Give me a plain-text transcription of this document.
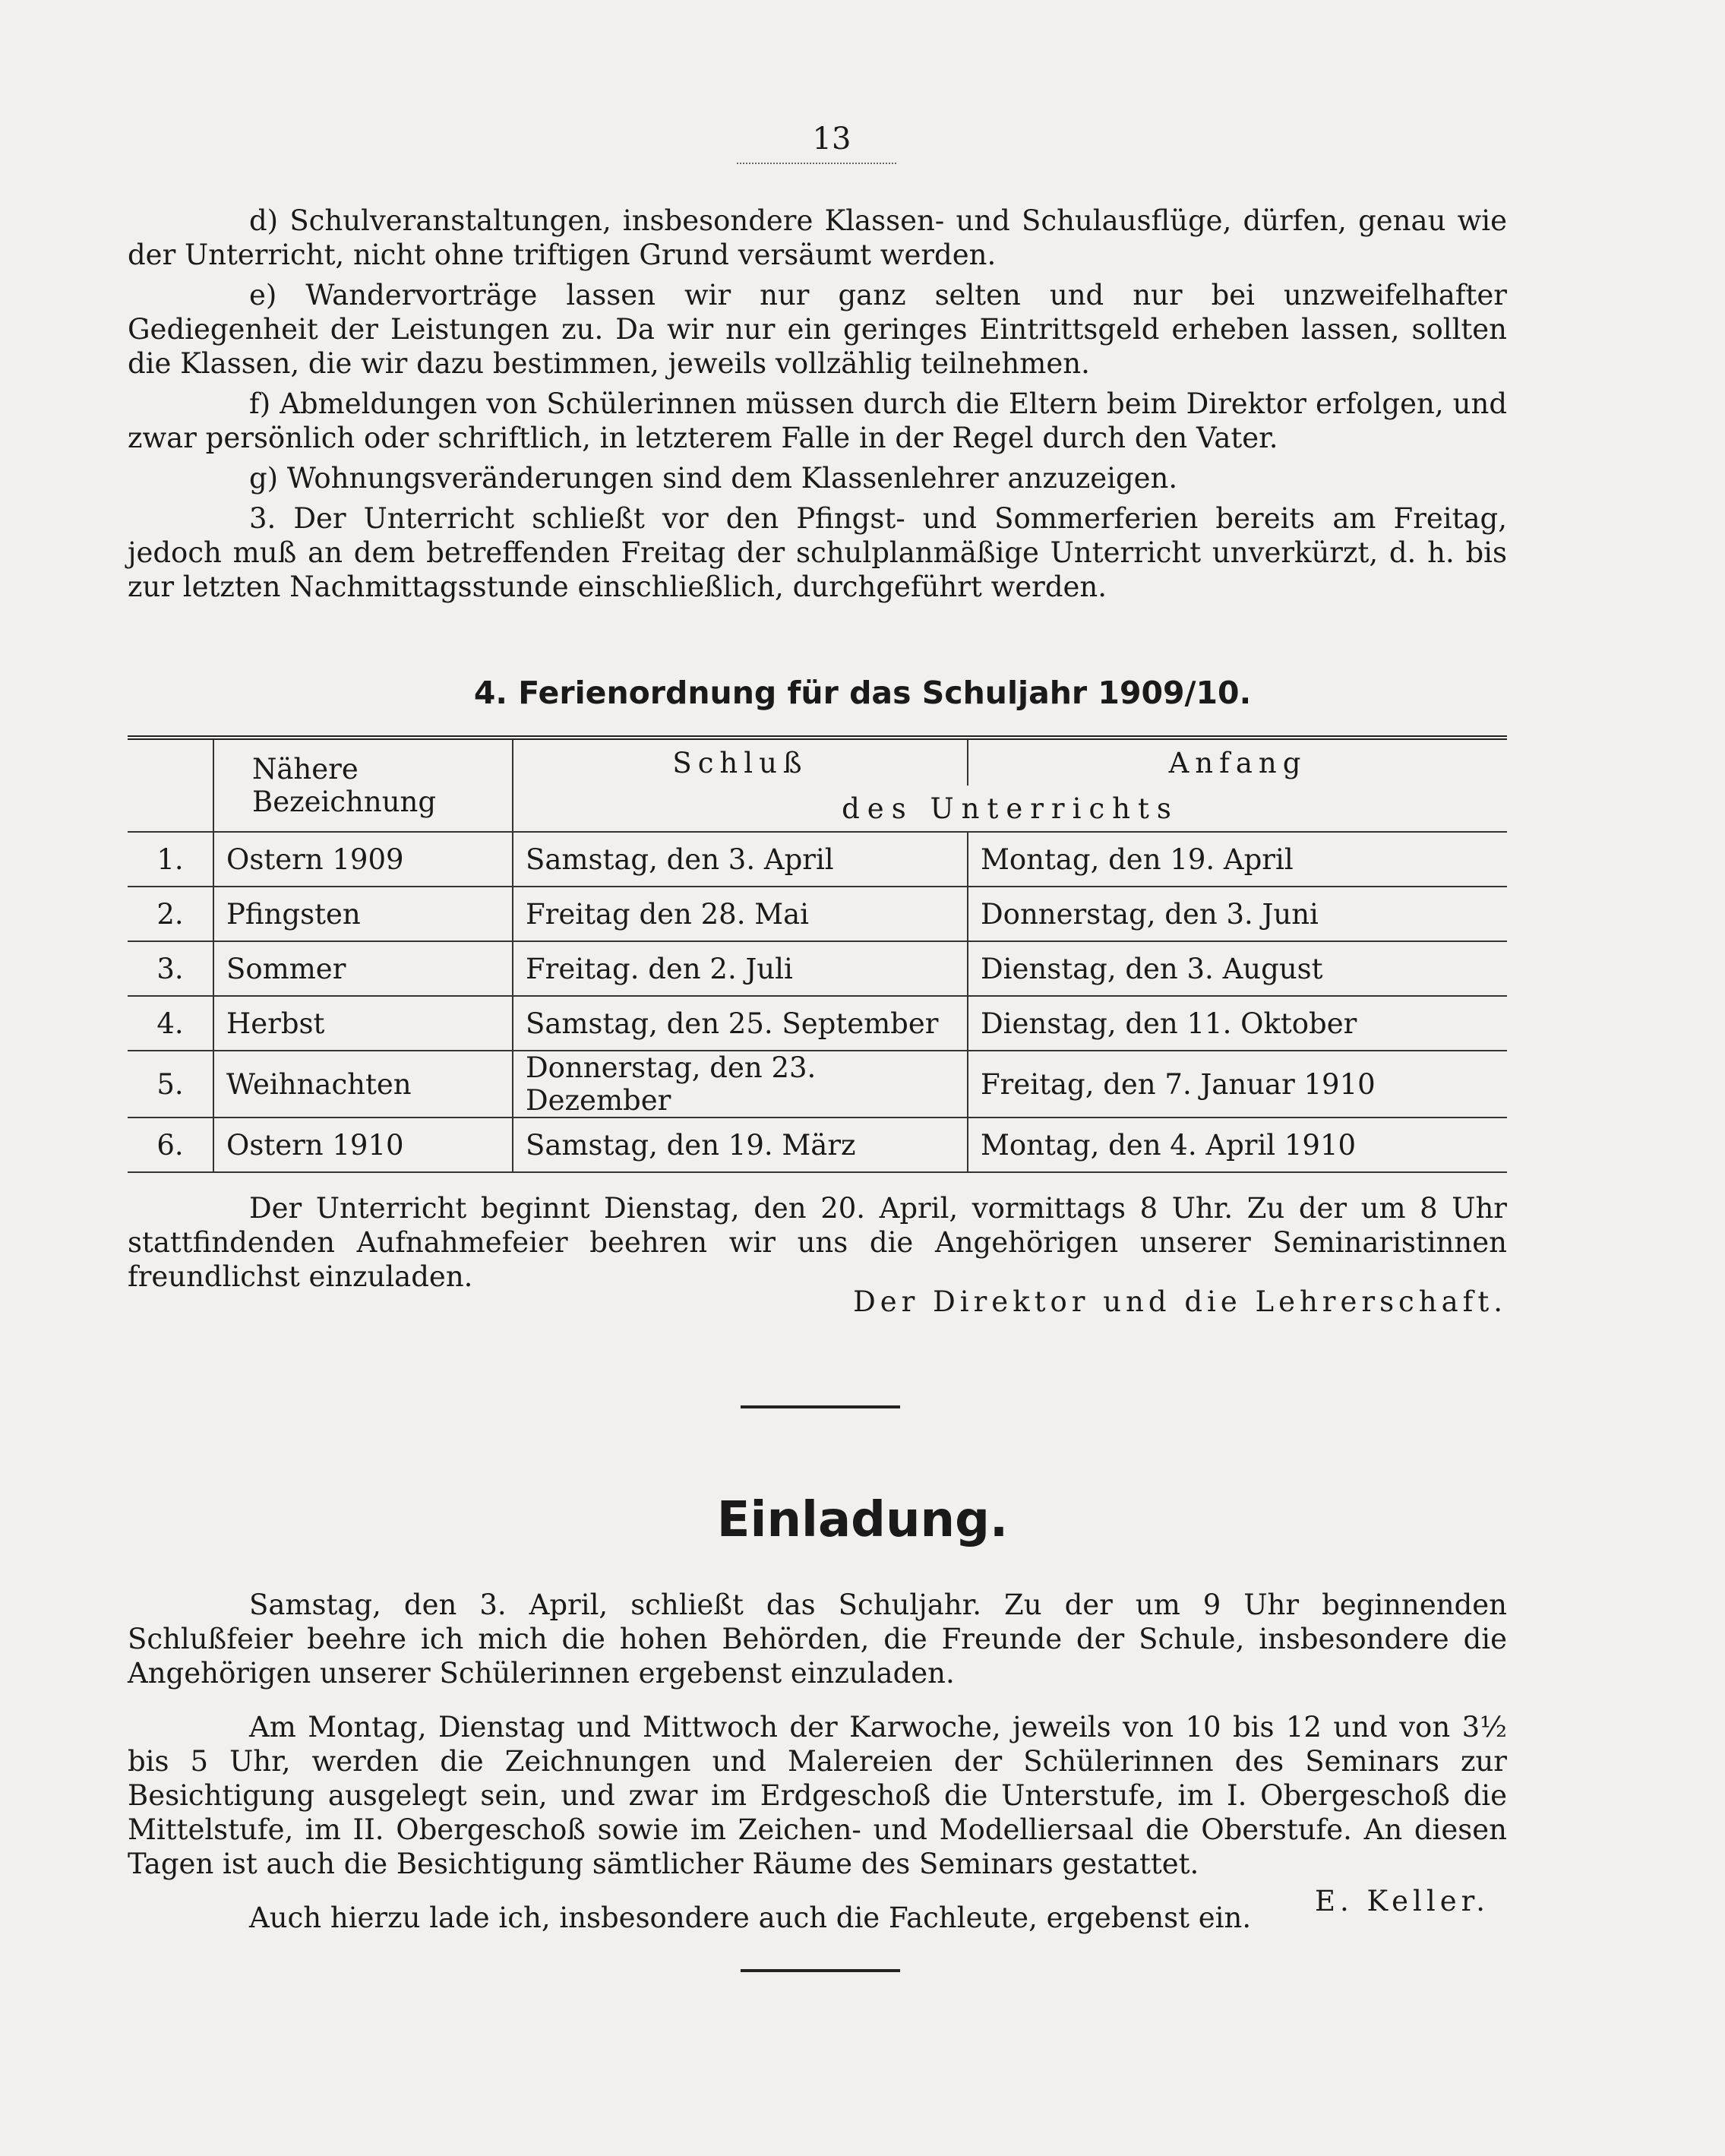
13

d) Schulveranstaltungen, insbesondere Klassen- und Schulausflüge, dürfen, genau wie der Unterricht, nicht ohne triftigen Grund versäumt werden.

e) Wandervorträge lassen wir nur ganz selten und nur bei unzweifelhafter Gediegenheit der Leistungen zu. Da wir nur ein geringes Eintrittsgeld erheben lassen, sollten die Klassen, die wir dazu bestimmen, jeweils vollzählig teilnehmen.

f) Abmeldungen von Schülerinnen müssen durch die Eltern beim Direktor erfolgen, und zwar persönlich oder schriftlich, in letzterem Falle in der Regel durch den Vater.

g) Wohnungsveränderungen sind dem Klassenlehrer anzuzeigen.

3. Der Unterricht schließt vor den Pfingst- und Sommerferien bereits am Freitag, jedoch muß an dem betreffenden Freitag der schulplanmäßige Unterricht unverkürzt, d. h. bis zur letzten Nachmittagsstunde einschließlich, durchgeführt werden.

4. Ferienordnung für das Schuljahr 1909/10.
	Nähere Bezeichnung	Schluß	Anfang
		des Unterrichts	
1.	Ostern 1909	Samstag, den 3. April	Montag, den 19. April
2.	Pfingsten	Freitag den 28. Mai	Donnerstag, den 3. Juni
3.	Sommer	Freitag. den 2. Juli	Dienstag, den 3. August
4.	Herbst	Samstag, den 25. September	Dienstag, den 11. Oktober
5.	Weihnachten	Donnerstag, den 23. Dezember	Freitag, den 7. Januar 1910
6.	Ostern 1910	Samstag, den 19. März	Montag, den 4. April 1910

Der Unterricht beginnt Dienstag, den 20. April, vormittags 8 Uhr. Zu der um 8 Uhr stattfindenden Aufnahmefeier beehren wir uns die Angehörigen unserer Seminaristinnen freundlichst einzuladen.

Der Direktor und die Lehrerschaft.
Einladung.

Samstag, den 3. April, schließt das Schuljahr. Zu der um 9 Uhr beginnenden Schlußfeier beehre ich mich die hohen Behörden, die Freunde der Schule, insbesondere die Angehörigen unserer Schülerinnen ergebenst einzuladen.

Am Montag, Dienstag und Mittwoch der Karwoche, jeweils von 10 bis 12 und von 3½ bis 5 Uhr, werden die Zeichnungen und Malereien der Schülerinnen des Seminars zur Besichtigung ausgelegt sein, und zwar im Erdgeschoß die Unterstufe, im I. Obergeschoß die Mittelstufe, im II. Obergeschoß sowie im Zeichen- und Modelliersaal die Oberstufe. An diesen Tagen ist auch die Besichtigung sämtlicher Räume des Seminars gestattet.

Auch hierzu lade ich, insbesondere auch die Fachleute, ergebenst ein.

E. Keller.
